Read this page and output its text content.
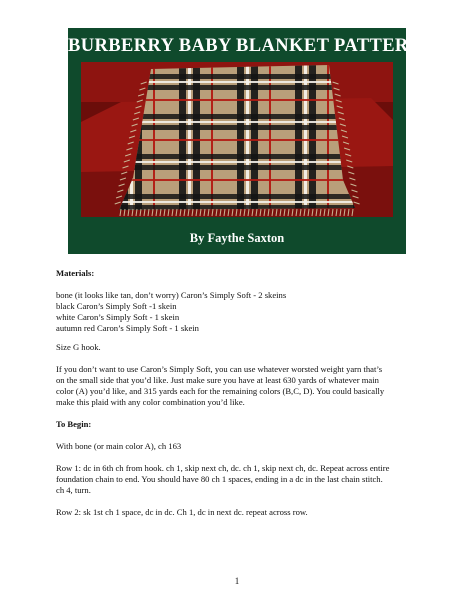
BURBERRY BABY BLANKET PATTERN
By Faythe Saxton

Materials:

bone (it looks like tan, don’t worry) Caron’s Simply Soft - 2 skeins

black Caron’s Simply Soft -1 skein

white Caron’s Simply Soft - 1 skein

autumn red Caron’s Simply Soft - 1 skein

Size G hook.

If you don’t want to use Caron’s Simply Soft, you can use whatever worsted weight yarn that’s

on the small side that you’d like. Just make sure you have at least 630 yards of whatever main

color (A) you’d like, and 315 yards each for the remaining colors (B,C, D). You could basically

make this plaid with any color combination you’d like.

To Begin:

With bone (or main color A), ch 163

Row 1: dc in 6th ch from hook. ch 1, skip next ch, dc. ch 1, skip next ch, dc. Repeat across entire

foundation chain to end. You should have 80 ch 1 spaces, ending in a dc in the last chain stitch.

ch 4, turn.

Row 2: sk 1st ch 1 space, dc in dc. Ch 1, dc in next dc. repeat across row.

1
